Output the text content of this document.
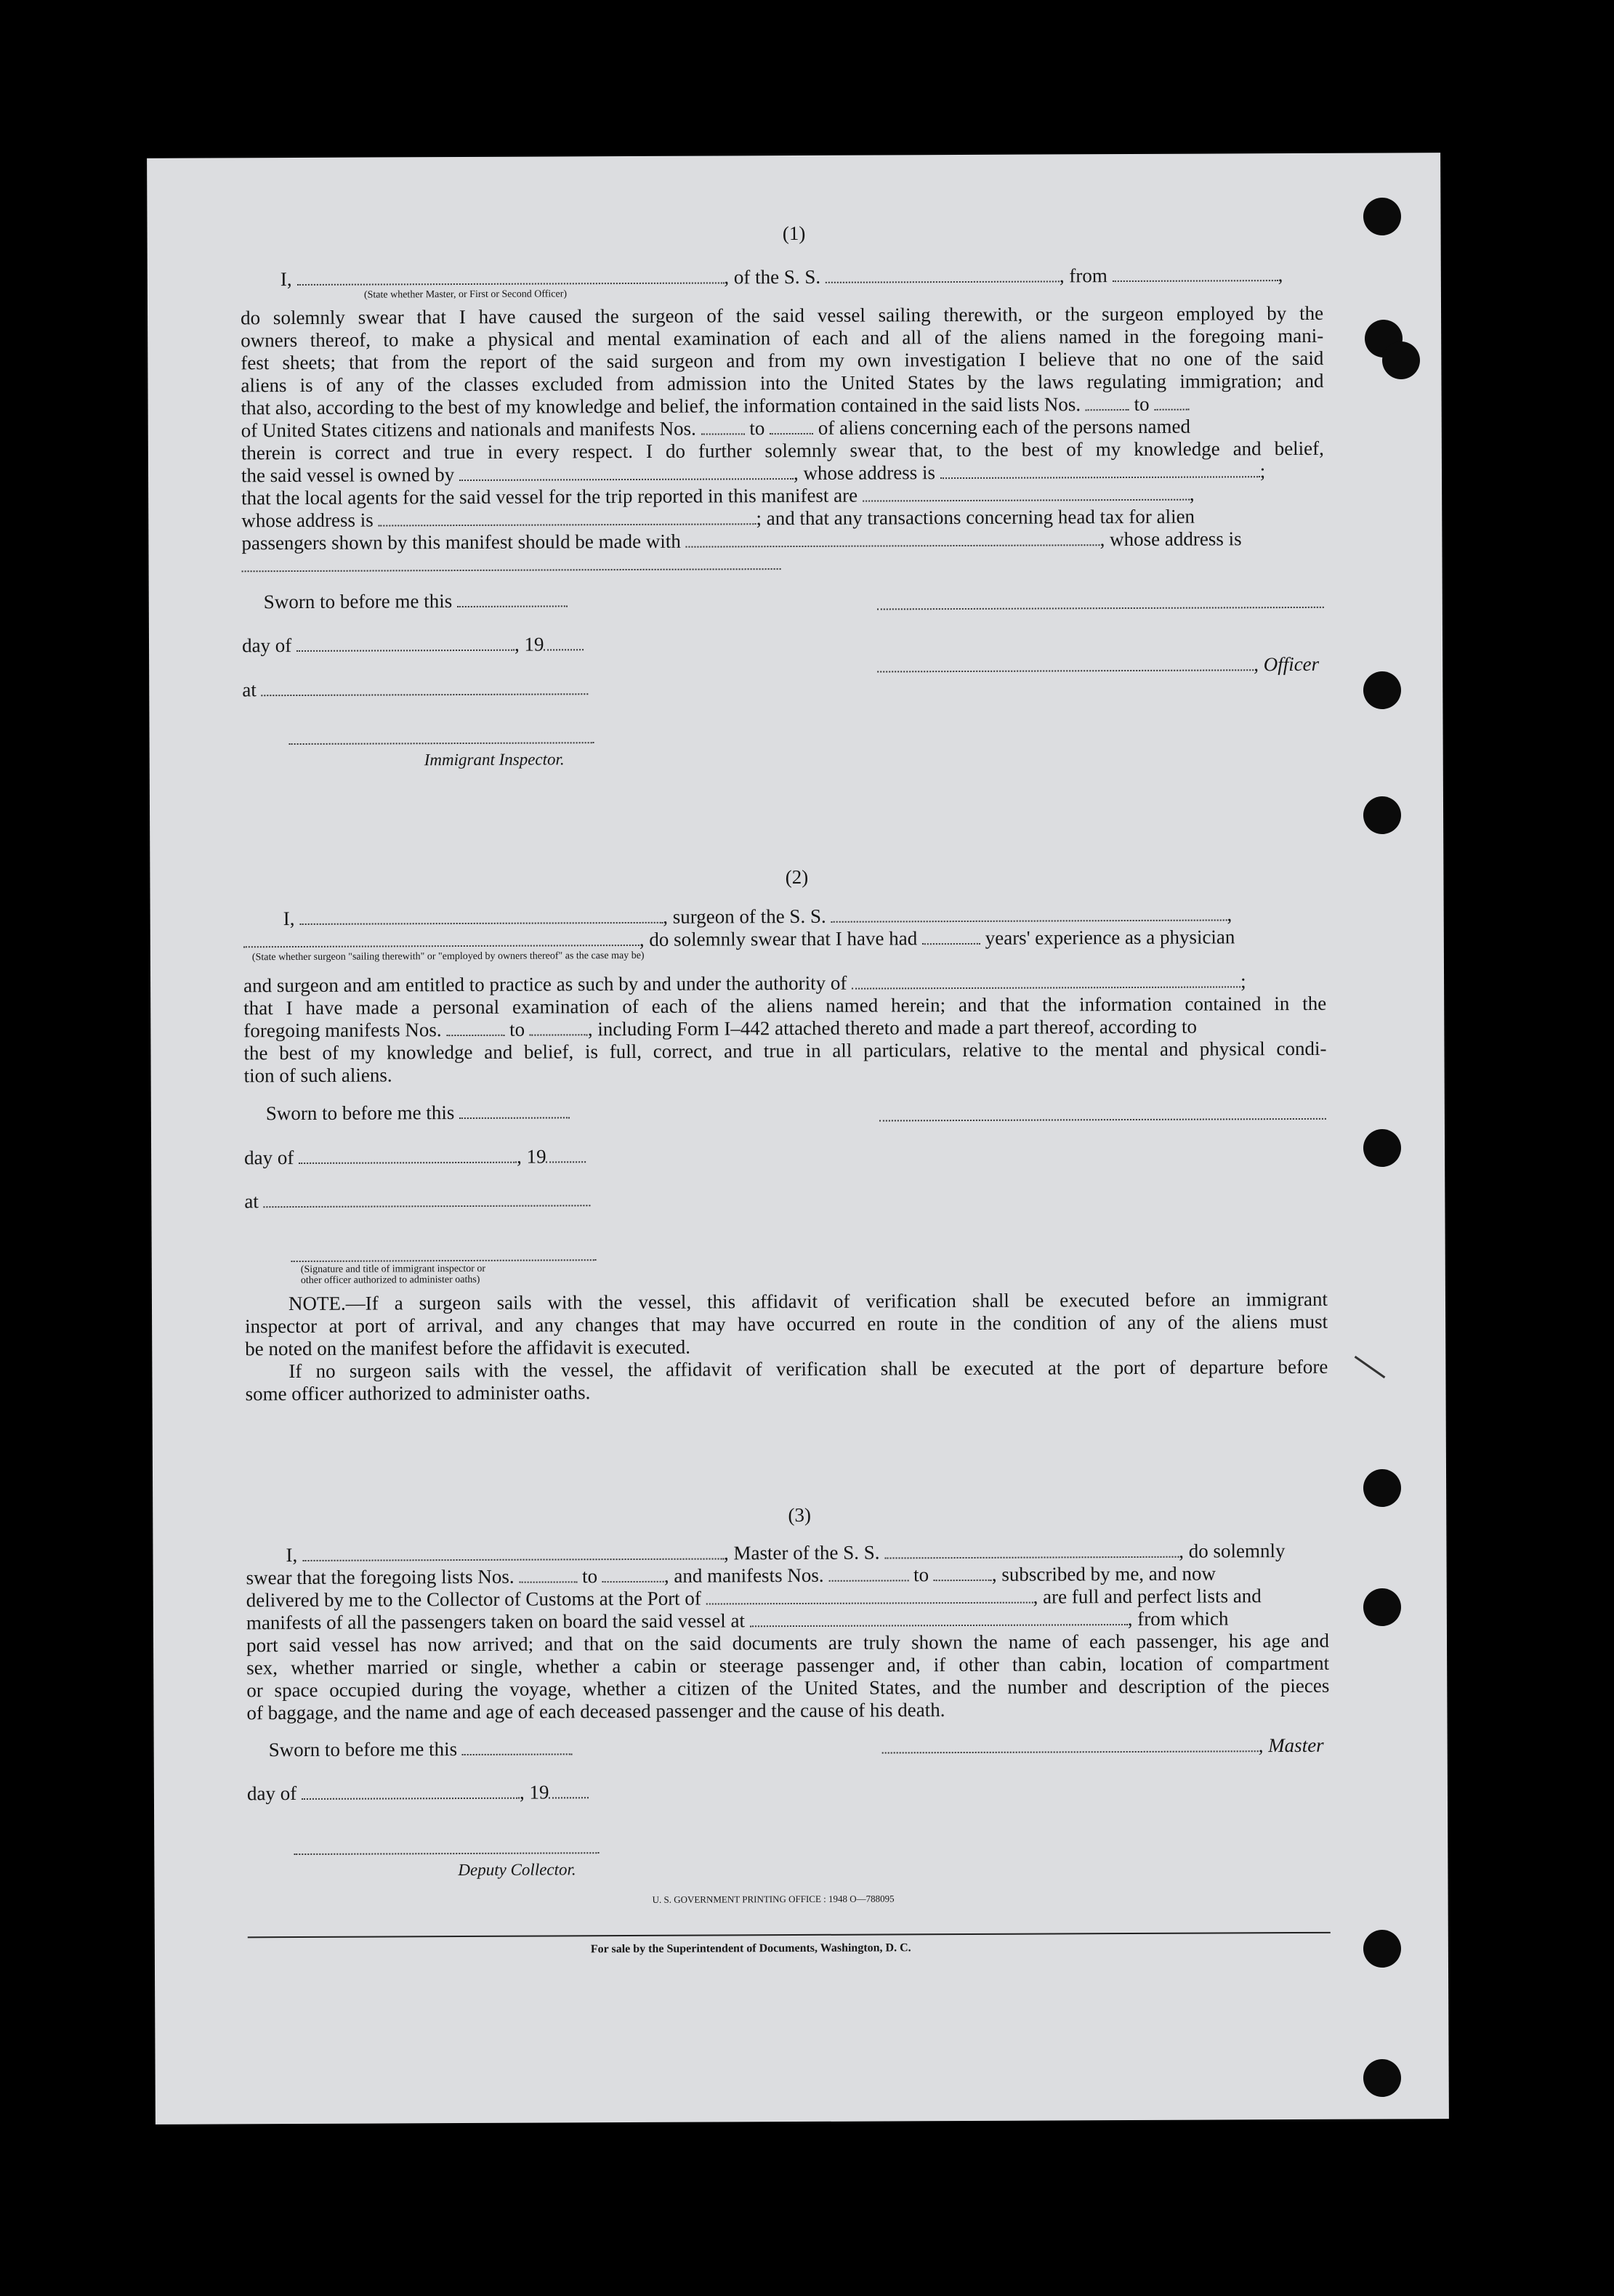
(1)
I,	, of the S. S.	, from	,
(State whether Master, or First or Second Officer)
do solemnly swear that I have caused the surgeon of the said vessel sailing therewith, or the surgeon employed by the
owners thereof, to make a physical and mental examination of each and all of the aliens named in the foregoing mani-
fest sheets; that from the report of the said surgeon and from my own investigation I believe that no one of the said
aliens is of any of the classes excluded from admission into the United States by the laws regulating immigration; and
that also, according to the best of my knowledge and belief, the information contained in the said lists Nos.	to
of United States citizens and nationals and manifests Nos.	to	of aliens concerning each of the persons named
therein is correct and true in every respect. I do further solemnly swear that, to the best of my knowledge and belief,
the said vessel is owned by	, whose address is	;
that the local agents for the said vessel for the trip reported in this manifest are	,
whose address is	; and that any transactions concerning head tax for alien
passengers shown by this manifest should be made with	, whose address is
Sworn to before me this
day of	, 19
, Officer
at
Immigrant Inspector.
(2)
I,	, surgeon of the S. S.	,
, do solemnly swear that I have had	years' experience as a physician
(State whether surgeon "sailing therewith" or "employed by owners thereof" as the case may be)
and surgeon and am entitled to practice as such by and under the authority of	;
that I have made a personal examination of each of the aliens named herein; and that the information contained in the
foregoing manifests Nos.	to	, including Form I–442 attached thereto and made a part thereof, according to
the best of my knowledge and belief, is full, correct, and true in all particulars, relative to the mental and physical condi-
tion of such aliens.
Sworn to before me this
day of	, 19
at
(Signature and title of immigrant inspector or
other officer authorized to administer oaths)
NOTE.—If a surgeon sails with the vessel, this affidavit of verification shall be executed before an immigrant
inspector at port of arrival, and any changes that may have occurred en route in the condition of any of the aliens must
be noted on the manifest before the affidavit is executed.
If no surgeon sails with the vessel, the affidavit of verification shall be executed at the port of departure before
some officer authorized to administer oaths.
(3)
I,	, Master of the S. S.	, do solemnly
swear that the foregoing lists Nos.	to	, and manifests Nos.	to	, subscribed by me, and now
delivered by me to the Collector of Customs at the Port of	, are full and perfect lists and
manifests of all the passengers taken on board the said vessel at	, from which
port said vessel has now arrived; and that on the said documents are truly shown the name of each passenger, his age and
sex, whether married or single, whether a cabin or steerage passenger and, if other than cabin, location of compartment
or space occupied during the voyage, whether a citizen of the United States, and the number and description of the pieces
of baggage, and the name and age of each deceased passenger and the cause of his death.
Sworn to before me this	, Master
day of	, 19
Deputy Collector.
U. S. GOVERNMENT PRINTING OFFICE : 1948 O—788095
For sale by the Superintendent of Documents, Washington, D. C.
